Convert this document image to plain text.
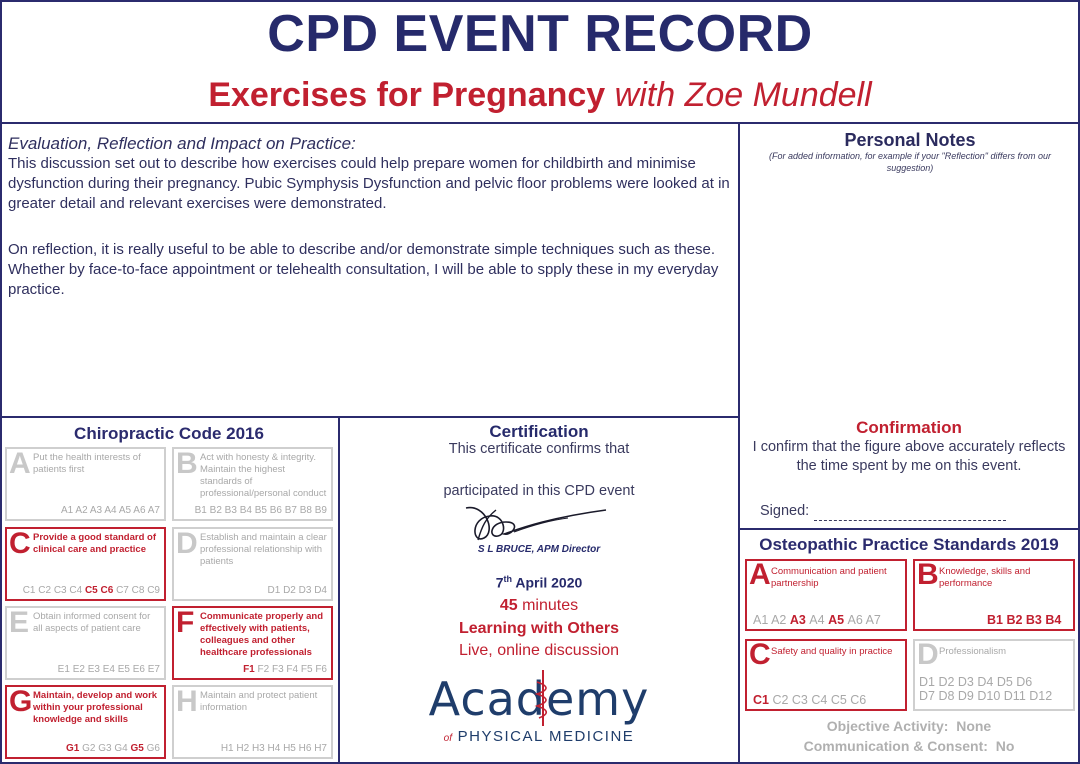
CPD EVENT RECORD
Exercises for Pregnancy with Zoe Mundell
Evaluation, Reflection and Impact on Practice:

This discussion set out to describe how exercises could help prepare women for childbirth and minimise dysfunction during their pregnancy. Pubic Symphysis Dysfunction and pelvic floor problems were looked at in greater detail and relevant exercises were demonstrated.

On reflection, it is really useful to be able to describe and/or demonstrate simple techniques such as these. Whether by face-to-face appointment or telehealth consultation, I will be able to spply these in my everyday practice.

Personal Notes
(For added information, for example if your "Reflection" differs from our suggestion)
Chiropractic Code 2016
A Put the health interests of patients first
A1 A2 A3 A4 A5 A6 A7
B Act with honesty & integrity. Maintain the highest standards of professional/personal conduct
B1 B2 B3 B4 B5 B6 B7 B8 B9
C Provide a good standard of clinical care and practice
C1 C2 C3 C4 C5 C6 C7 C8 C9
D Establish and maintain a clear professional relationship with patients
D1 D2 D3 D4
E Obtain informed consent for all aspects of patient care
E1 E2 E3 E4 E5 E6 E7
F Communicate properly and effectively with patients, colleagues and other healthcare professionals
F1 F2 F3 F4 F5 F6
G Maintain, develop and work within your professional knowledge and skills
G1 G2 G3 G4 G5 G6
H Maintain and protect patient information
H1 H2 H3 H4 H5 H6 H7
Certification
This certificate confirms that
participated in this CPD event
S L BRUCE, APM Director
7th April 2020
45 minutes
Learning with Others
Live, online discussion
Academy
of PHYSICAL MEDICINE
Confirmation
I confirm that the figure above accurately reflects the time spent by me on this event.
Signed:
Osteopathic Practice Standards 2019
A Communication and patient partnership
A1 A2 A3 A4 A5 A6 A7
B Knowledge, skills and performance
B1 B2 B3 B4
C Safety and quality in practice
C1 C2 C3 C4 C5 C6
D Professionalism
D1 D2 D3 D4 D5 D6
D7 D8 D9 D10 D11 D12
Objective Activity: None
Communication & Consent: No
